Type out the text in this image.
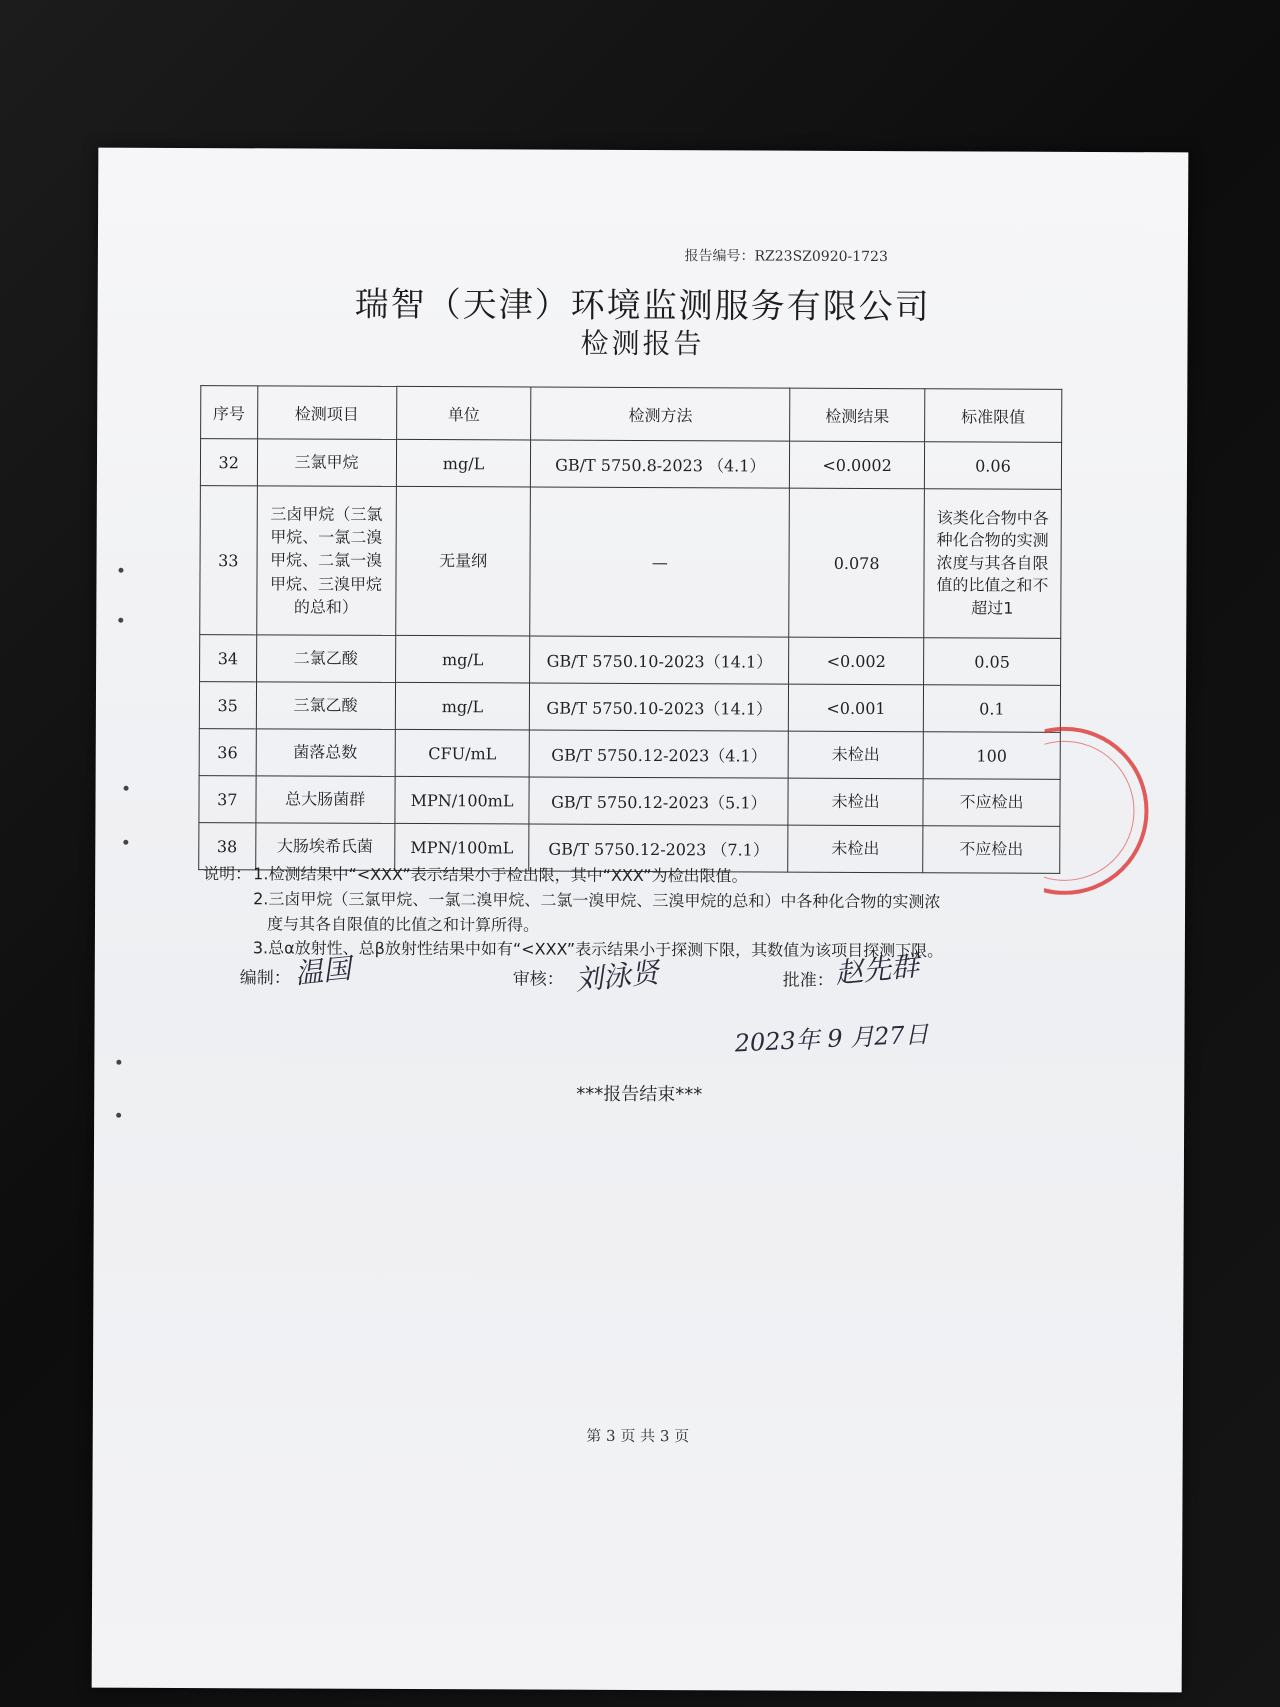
报告编号：RZ23SZ0920-1723
瑞智（天津）环境监测服务有限公司
检测报告
序号	检测项目	单位	检测方法	检测结果	标准限值
32	三氯甲烷	mg/L	GB/T 5750.8-2023 （4.1）	<0.0002	0.06
33	三卤甲烷（三氯甲烷、一氯二溴甲烷、二氯一溴甲烷、三溴甲烷的总和）	无量纲	—	0.078	该类化合物中各种化合物的实测浓度与其各自限值的比值之和不超过1
34	二氯乙酸	mg/L	GB/T 5750.10-2023（14.1）	<0.002	0.05
35	三氯乙酸	mg/L	GB/T 5750.10-2023（14.1）	<0.001	0.1
36	菌落总数	CFU/mL	GB/T 5750.12-2023（4.1）	未检出	100
37	总大肠菌群	MPN/100mL	GB/T 5750.12-2023（5.1）	未检出	不应检出
38	大肠埃希氏菌	MPN/100mL	GB/T 5750.12-2023 （7.1）	未检出	不应检出
说明： 1.检测结果中“<XXX”表示结果小于检出限，其中“XXX”为检出限值。
2.三卤甲烷（三氯甲烷、一氯二溴甲烷、二氯一溴甲烷、三溴甲烷的总和）中各种化合物的实测浓
度与其各自限值的比值之和计算所得。
3.总α放射性、总β放射性结果中如有“<XXX”表示结果小于探测下限，其数值为该项目探测下限。
编制： 温国	审核： 刘泳贤	批准： 赵先群
2023年 9 月27日
***报告结束***
第 3 页 共 3 页
